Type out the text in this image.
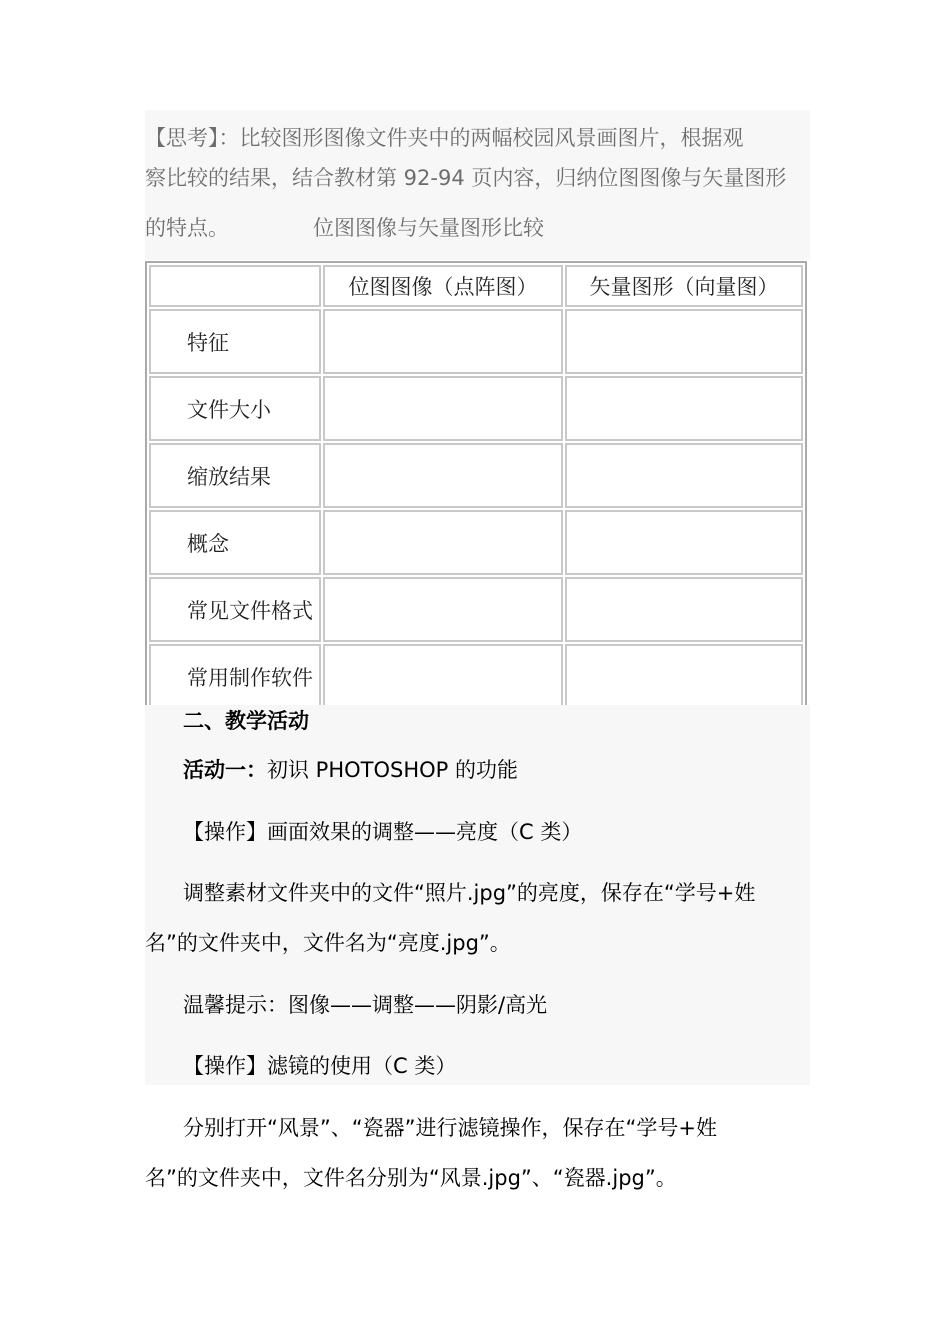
【思考】：比较图形图像文件夹中的两幅校园风景画图片，根据观
察比较的结果，结合教材第 92-94 页内容，归纳位图图像与矢量图形
的特点。	位图图像与矢量图形比较
	位图图像（点阵图）	矢量图形（向量图）
特征		
文件大小		
缩放结果		
概念		
常见文件格式		
常用制作软件		
二、教学活动
活动一：初识 PHOTOSHOP 的功能
【操作】画面效果的调整——亮度（C 类）
调整素材文件夹中的文件“照片.jpg”的亮度，保存在“学号+姓
名”的文件夹中，文件名为“亮度.jpg”。
温馨提示：图像——调整——阴影/高光
【操作】滤镜的使用（C 类）
分别打开“风景”、“瓷器”进行滤镜操作，保存在“学号+姓
名”的文件夹中，文件名分别为“风景.jpg”、“瓷器.jpg”。
